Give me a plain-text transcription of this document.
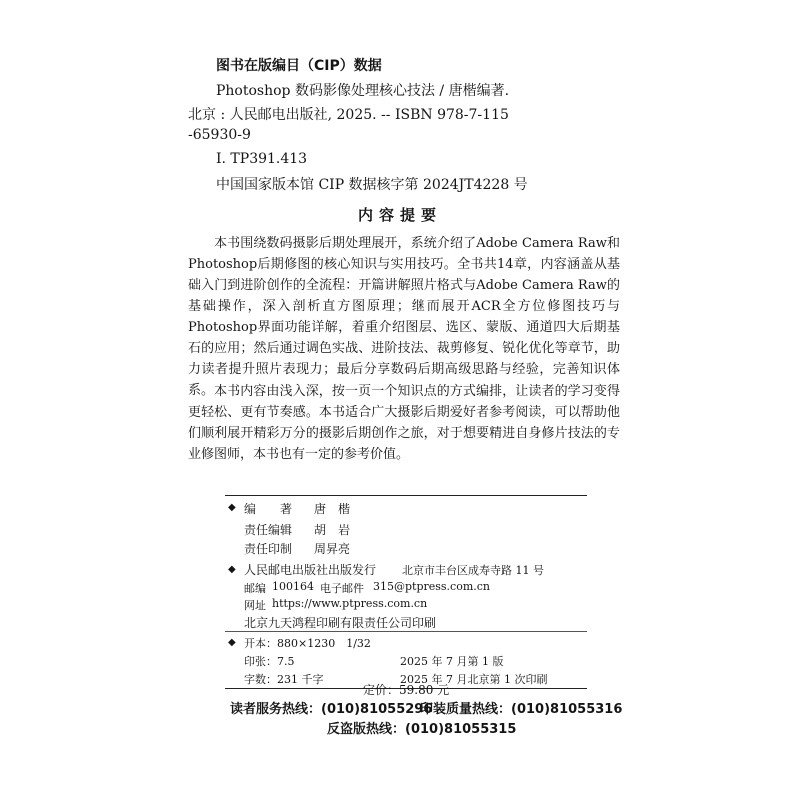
图书在版编目（CIP）数据
Photoshop 数码影像处理核心技法 / 唐楷编著.
北京 : 人民邮电出版社, 2025. -- ISBN 978-7-115
-65930-9
Ⅰ. TP391.413
中国国家版本馆 CIP 数据核字第 2024JT4228 号
内容提要
本书围绕数码摄影后期处理展开，系统介绍了Adobe Camera Raw和Photoshop后期修图的核心知识与实用技巧。全书共14章，内容涵盖从基础入门到进阶创作的全流程：开篇讲解照片格式与Adobe Camera Raw的基础操作，深入剖析直方图原理；继而展开ACR全方位修图技巧与 Photoshop界面功能详解，着重介绍图层、选区、蒙版、通道四大后期基石的应用；然后通过调色实战、进阶技法、裁剪修复、锐化优化等章节，助力读者提升照片表现力；最后分享数码后期高级思路与经验，完善知识体系。 本书内容由浅入深，按一页一个知识点的方式编排，让读者的学习变得更轻松、更有节奏感。本书适合广大摄影后期爱好者参考阅读，可以帮助他们顺利展开精彩万分的摄影后期创作之旅，对于想要精进自身修片技法的专业修图师，本书也有一定的参考价值。
◆ 编　　著 唐　楷
责任编辑 胡　岩
责任印制 周昇亮
◆ 人民邮电出版社出版发行 北京市丰台区成寿寺路 11 号
邮编 100164 电子邮件 315@ptpress.com.cn
网址 https://www.ptpress.com.cn
北京九天鸿程印刷有限责任公司印刷
◆ 开本：880×1230　1/32
印张：7.5	2025 年 7 月第 1 版
字数：231 千字	2025 年 7 月北京第 1 次印刷
定价：59.80 元
读者服务热线：(010)81055296
印装质量热线：(010)81055316
反盗版热线：(010)81055315
